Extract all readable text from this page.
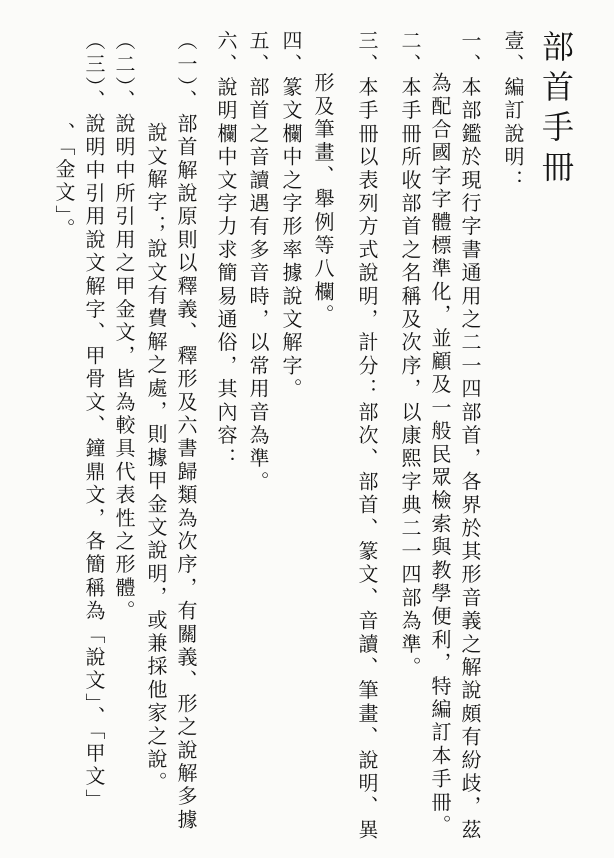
部首手冊
壹、編訂說明：
一、本部鑑於現行字書通用之二一四部首，各界於其形音義之解說頗有紛歧，茲
為配合國字字體標準化，並顧及一般民眾檢索與教學便利，特編訂本手冊。
二、本手冊所收部首之名稱及次序，以康熙字典二一四部為準。
三、本手冊以表列方式說明，計分：部次、部首、篆文、音讀、筆畫、說明、異
形及筆畫、舉例等八欄。
四、篆文欄中之字形率據說文解字。
五、部首之音讀遇有多音時，以常用音為準。
六、說明欄中文字力求簡易通俗，其內容：
（一）、部首解說原則以釋義、釋形及六書歸類為次序，有關義、形之說解多據
說文解字；說文有費解之處，則據甲金文說明，或兼採他家之說。
（二）、說明中所引用之甲金文，皆為較具代表性之形體。
（三）、說明中引用說文解字、甲骨文、鐘鼎文，各簡稱為「說文」、「甲文」
、「金文」。
